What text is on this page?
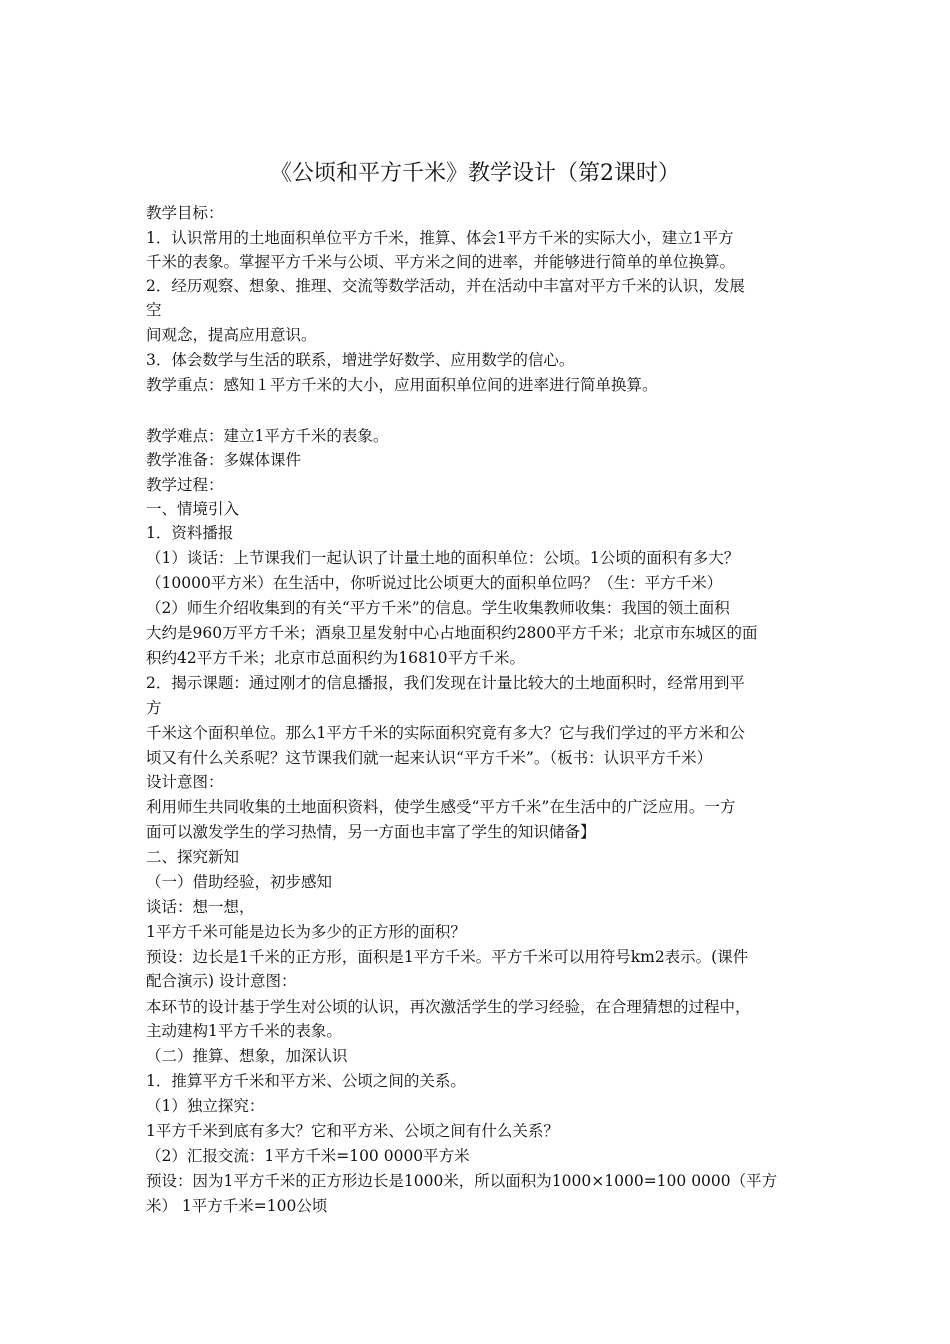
《公顷和平方千米》教学设计（第2课时）
教学目标：
1．认识常用的土地面积单位平方千米，推算、体会1平方千米的实际大小，建立1平方
千米的表象。掌握平方千米与公顷、平方米之间的进率，并能够进行简单的单位换算。
2．经历观察、想象、推理、交流等数学活动，并在活动中丰富对平方千米的认识，发展
空
间观念，提高应用意识。
3．体会数学与生活的联系，增进学好数学、应用数学的信心。
教学重点：感知１平方千米的大小，应用面积单位间的进率进行简单换算。
教学难点：建立1平方千米的表象。
教学准备：多媒体课件
教学过程：
一、情境引入
1．资料播报
（1）谈话：上节课我们一起认识了计量土地的面积单位：公顷。1公顷的面积有多大？
（10000平方米）在生活中，你听说过比公顷更大的面积单位吗？（生：平方千米）
（2）师生介绍收集到的有关“平方千米”的信息。学生收集教师收集：我国的领土面积
大约是960万平方千米；酒泉卫星发射中心占地面积约2800平方千米；北京市东城区的面
积约42平方千米；北京市总面积约为16810平方千米。
2．揭示课题：通过刚才的信息播报，我们发现在计量比较大的土地面积时，经常用到平
方
千米这个面积单位。那么1平方千米的实际面积究竟有多大？它与我们学过的平方米和公
顷又有什么关系呢？这节课我们就一起来认识“平方千米”。（板书：认识平方千米）
设计意图：
利用师生共同收集的土地面积资料，使学生感受“平方千米”在生活中的广泛应用。一方
面可以激发学生的学习热情，另一方面也丰富了学生的知识储备】
二、探究新知
（一）借助经验，初步感知
谈话：想一想，
1平方千米可能是边长为多少的正方形的面积？
预设：边长是1千米的正方形，面积是1平方千米。平方千米可以用符号km2表示。(课件
配合演示) 设计意图：
本环节的设计基于学生对公顷的认识，再次激活学生的学习经验，在合理猜想的过程中，
主动建构1平方千米的表象。
（二）推算、想象，加深认识
1．推算平方千米和平方米、公顷之间的关系。
（1）独立探究：
1平方千米到底有多大？它和平方米、公顷之间有什么关系？
（2）汇报交流：1平方千米=100 0000平方米
预设：因为1平方千米的正方形边长是1000米，所以面积为1000×1000=100 0000（平方
米） 1平方千米=100公顷
